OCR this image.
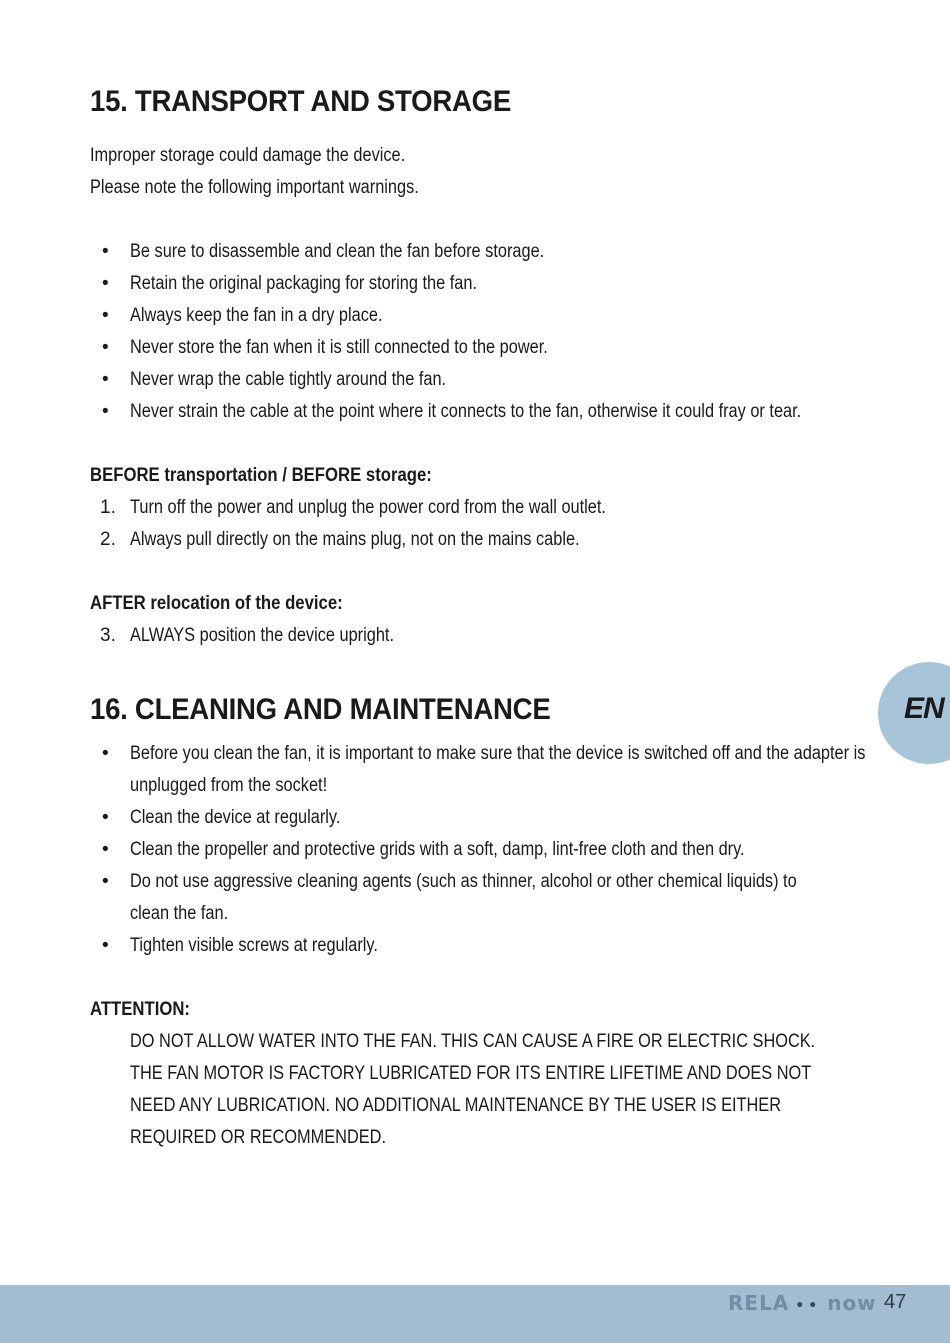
15. TRANSPORT AND STORAGE
Improper storage could damage the device.
Please note the following important warnings.
•	Be sure to disassemble and clean the fan before storage.
•	Retain the original packaging for storing the fan.
•	Always keep the fan in a dry place.
•	Never store the fan when it is still connected to the power.
•	Never wrap the cable tightly around the fan.
•	Never strain the cable at the point where it connects to the fan, otherwise it could fray or tear.
BEFORE transportation / BEFORE storage:
1. Turn off the power and unplug the power cord from the wall outlet.
2. Always pull directly on the mains plug, not on the mains cable.
AFTER relocation of the device:
3. ALWAYS position the device upright.
16. CLEANING AND MAINTENANCE
•	Before you clean the fan, it is important to make sure that the device is switched off and the adapter is unplugged from the socket!
•	Clean the device at regularly.
•	Clean the propeller and protective grids with a soft, damp, lint-free cloth and then dry.
•	Do not use aggressive cleaning agents (such as thinner, alcohol or other chemical liquids) to clean the fan.
•	Tighten visible screws at regularly.
ATTENTION:
DO NOT ALLOW WATER INTO THE FAN. THIS CAN CAUSE A FIRE OR ELECTRIC SHOCK.
THE FAN MOTOR IS FACTORY LUBRICATED FOR ITS ENTIRE LIFETIME AND DOES NOT
NEED ANY LUBRICATION. NO ADDITIONAL MAINTENANCE BY THE USER IS EITHER
REQUIRED OR RECOMMENDED.
EN
RELA •• now 47
